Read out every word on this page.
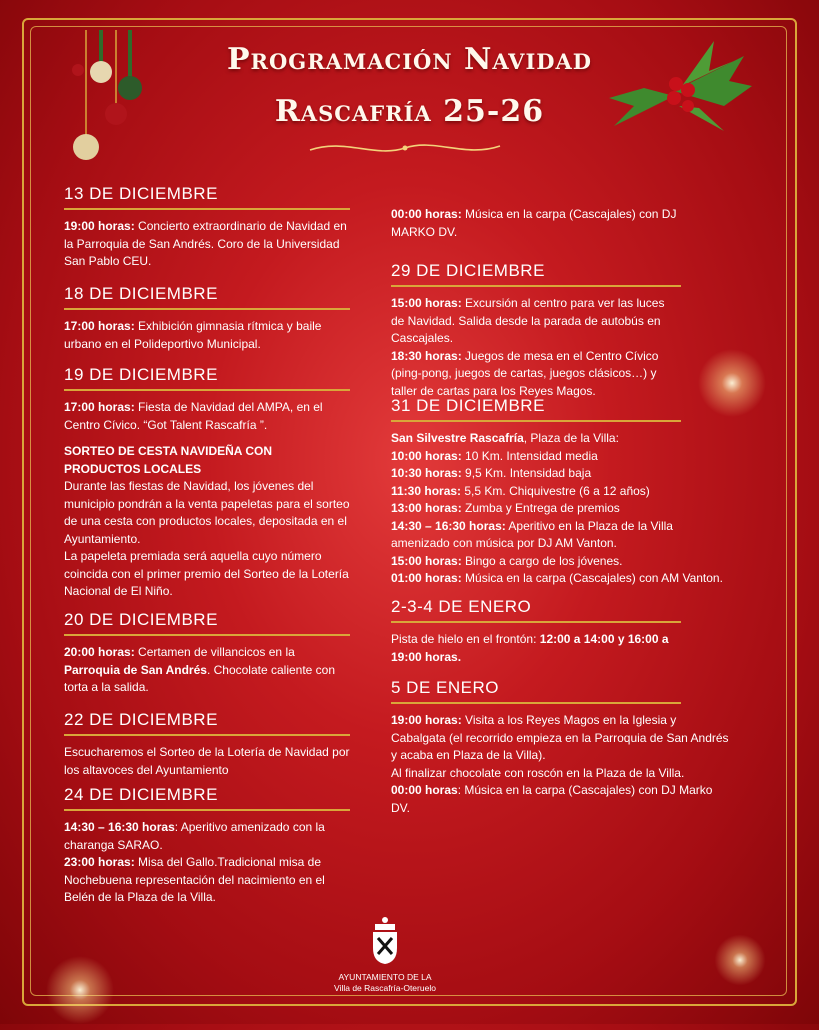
Programación Navidad
Rascafría 25-26
13 DE DICIEMBRE

19:00 horas: Concierto extraordinario de Navidad en la Parroquia de San Andrés. Coro de la Universidad San Pablo CEU.

18 DE DICIEMBRE

17:00 horas: Exhibición gimnasia rítmica y baile urbano en el Polideportivo Municipal.

19 DE DICIEMBRE

17:00 horas: Fiesta de Navidad del AMPA, en el Centro Cívico. “Got Talent Rascafría ”.

SORTEO DE CESTA NAVIDEÑA CON PRODUCTOS LOCALES

Durante las fiestas de Navidad, los jóvenes del municipio pondrán a la venta papeletas para el sorteo de una cesta con productos locales, depositada en el Ayuntamiento.

La papeleta premiada será aquella cuyo número coincida con el primer premio del Sorteo de la Lotería Nacional de El Niño.

20 DE DICIEMBRE

20:00 horas: Certamen de villancicos en la Parroquia de San Andrés. Chocolate caliente con torta a la salida.

22 DE DICIEMBRE

Escucharemos el Sorteo de la Lotería de Navidad por los altavoces del Ayuntamiento

24 DE DICIEMBRE

14:30 – 16:30 horas: Aperitivo amenizado con la charanga SARAO.

23:00 horas: Misa del Gallo.Tradicional misa de Nochebuena representación del nacimiento en el Belén de la Plaza de la Villa.

00:00 horas: Música en la carpa (Cascajales) con DJ MARKO DV.

29 DE DICIEMBRE

15:00 horas: Excursión al centro para ver las luces de Navidad. Salida desde la parada de autobús en Cascajales.

18:30 horas: Juegos de mesa en el Centro Cívico (ping-pong, juegos de cartas, juegos clásicos…) y taller de cartas para los Reyes Magos.

31 DE DICIEMBRE

San Silvestre Rascafría, Plaza de la Villa:

10:00 horas: 10 Km. Intensidad media

10:30 horas: 9,5 Km. Intensidad baja

11:30 horas: 5,5 Km. Chiquivestre (6 a 12 años)

13:00 horas: Zumba y Entrega de premios

14:30 – 16:30 horas: Aperitivo en la Plaza de la Villa amenizado con música por DJ AM Vanton.

15:00 horas: Bingo a cargo de los jóvenes.

01:00 horas: Música en la carpa (Cascajales) con AM Vanton.

2-3-4 DE ENERO

Pista de hielo en el frontón: 12:00 a 14:00 y 16:00 a 19:00 horas.

5 DE ENERO

19:00 horas: Visita a los Reyes Magos en la Iglesia y Cabalgata (el recorrido empieza en la Parroquia de San Andrés y acaba en Plaza de la Villa).

Al finalizar chocolate con roscón en la Plaza de la Villa.

00:00 horas: Música en la carpa (Cascajales) con DJ Marko DV.

AYUNTAMIENTO DE LA
Villa de Rascafría-Oteruelo
